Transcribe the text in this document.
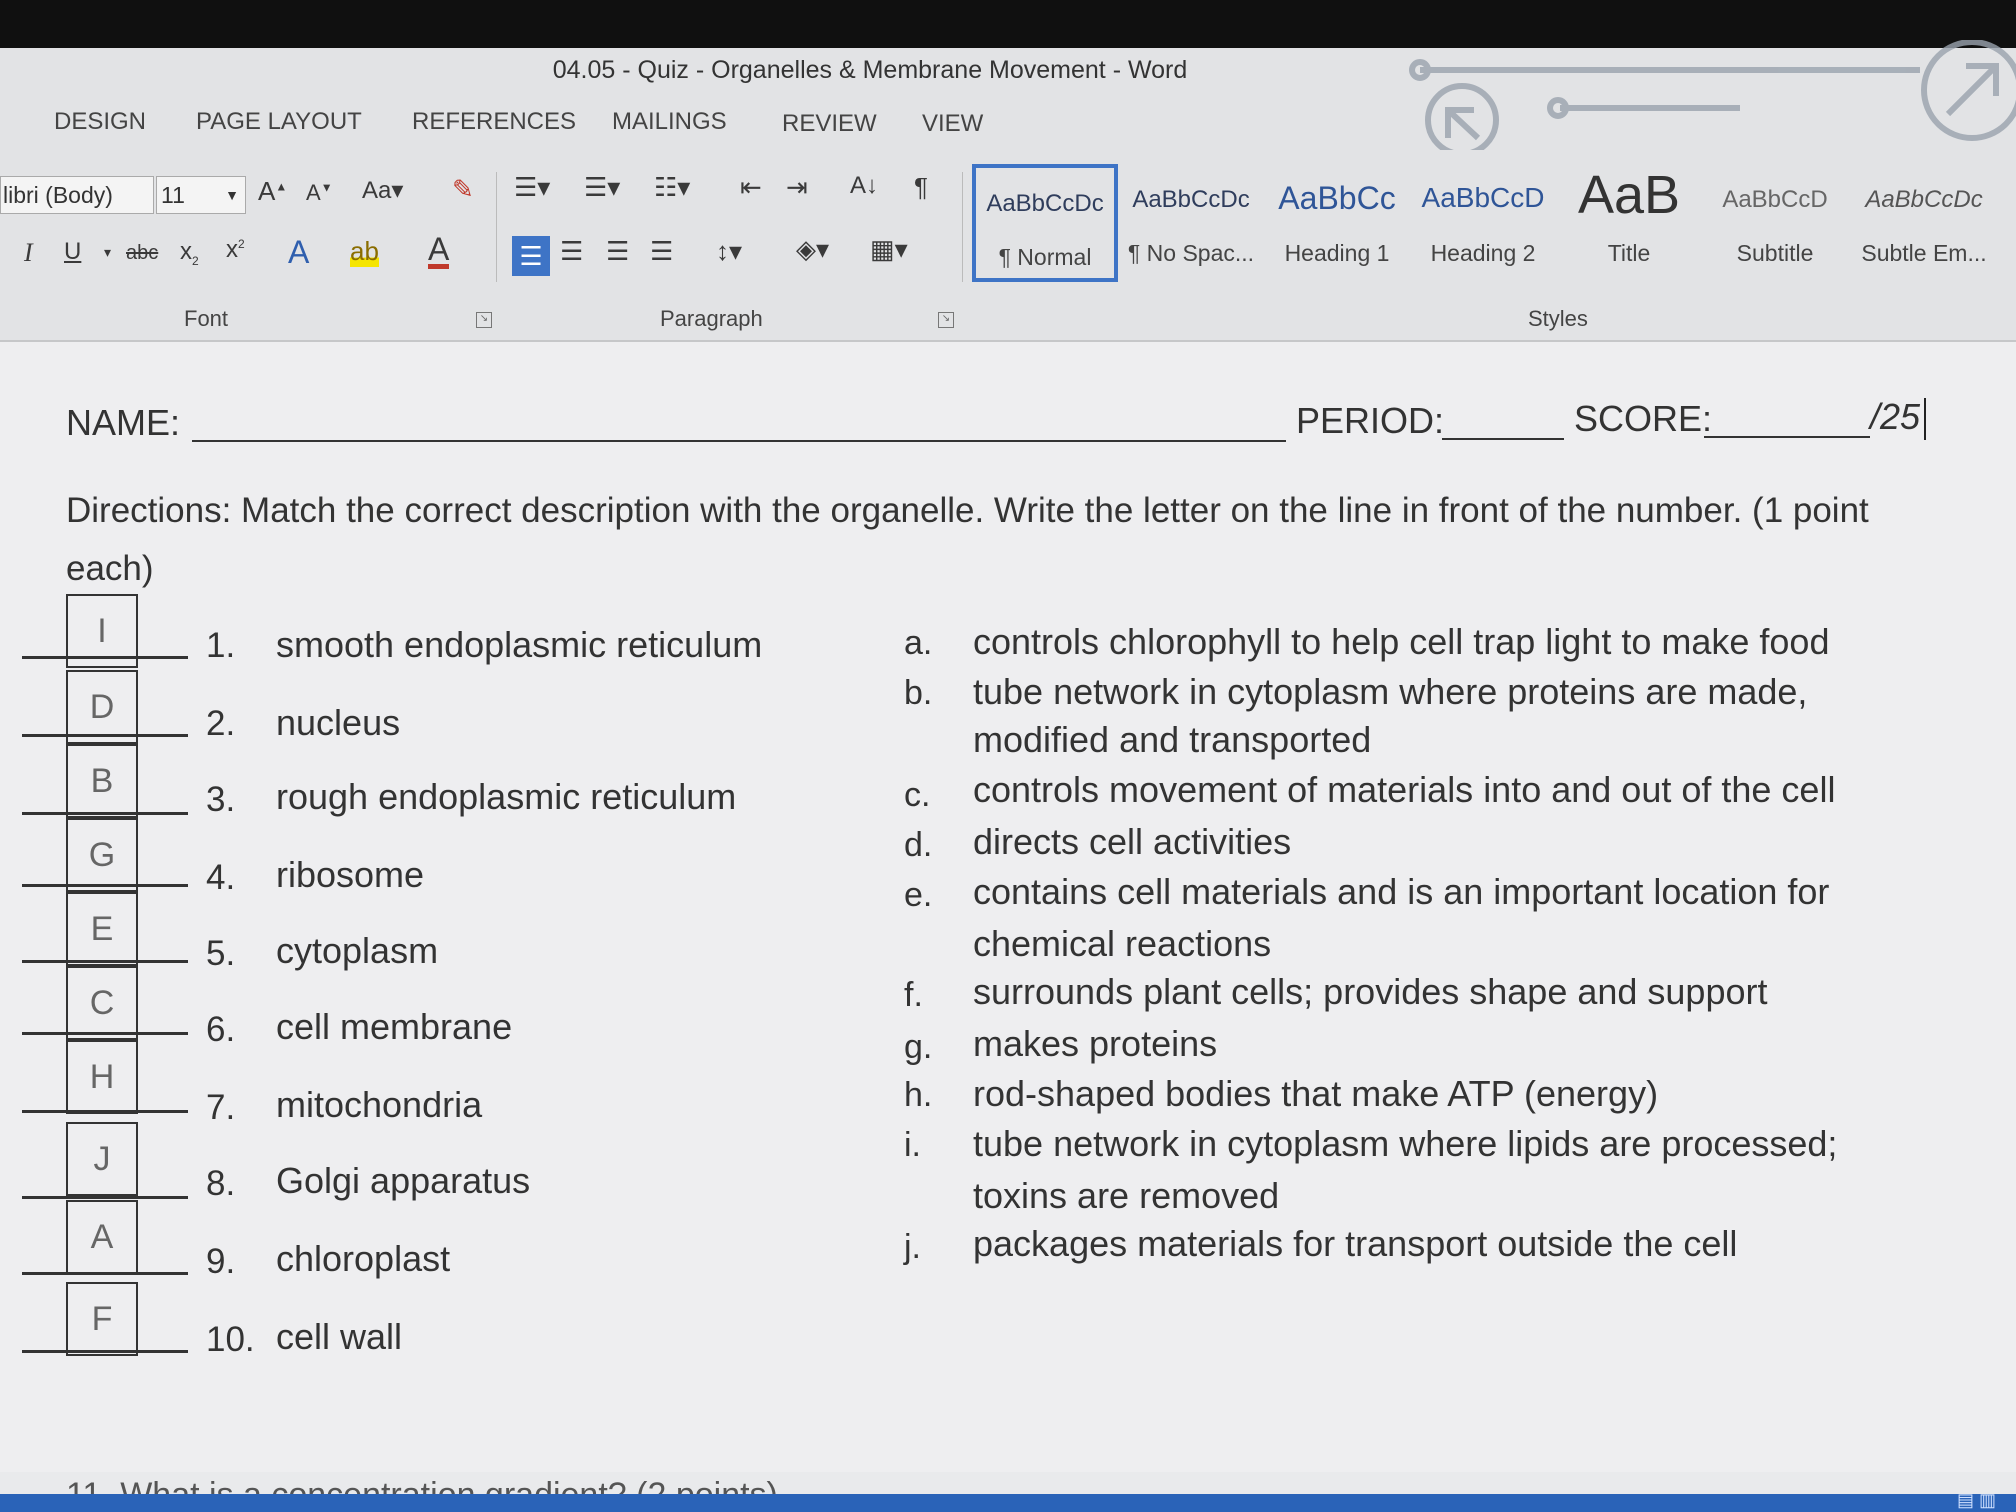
04.05 - Quiz - Organelles & Membrane Movement - Word
DESIGN PAGE LAYOUT REFERENCES MAILINGS REVIEW VIEW
libri (Body)	11	▼ A▲ A▼ Aa▾ ✎
I U ▾ abc $x_2$ $x^2$ A ab A
Font	↘
☰▾ ☰▾ ☷▾ ⇤ ⇥ A↓ ¶
☰ ☰ ☰ ☰ ↕▾ ◈▾ ▦▾
Paragraph	↘
AaBbCcDc
¶ Normal
AaBbCcDc
¶ No Spac...
AaBbCc
Heading 1
AaBbCcD
Heading 2
AaB
Title
AaBbCcD
Subtitle
AaBbCcDc
Subtle Em...
Styles
NAME:	PERIOD:	SCORE:	/25
Directions: Match the correct description with the organelle. Write the letter on the line in front of the number. (1 point each)
I	1. smooth endoplasmic reticulum
D	2. nucleus
B	3. rough endoplasmic reticulum
G
4. ribosome
E
5. cytoplasm
C
6. cell membrane
H
7. mitochondria
J
8. Golgi apparatus
A
9. chloroplast
F
10. cell wall
a. controls chlorophyll to help cell trap light to make food
b. tube network in cytoplasm where proteins are made, modified and transported
c. controls movement of materials into and out of the cell
d. directs cell activities
e. contains cell materials and is an important location for chemical reactions
f. surrounds plant cells; provides shape and support
g. makes proteins
h. rod-shaped bodies that make ATP (energy)
i. tube network in cytoplasm where lipids are processed; toxins are removed
j. packages materials for transport outside the cell
▤ ▥
